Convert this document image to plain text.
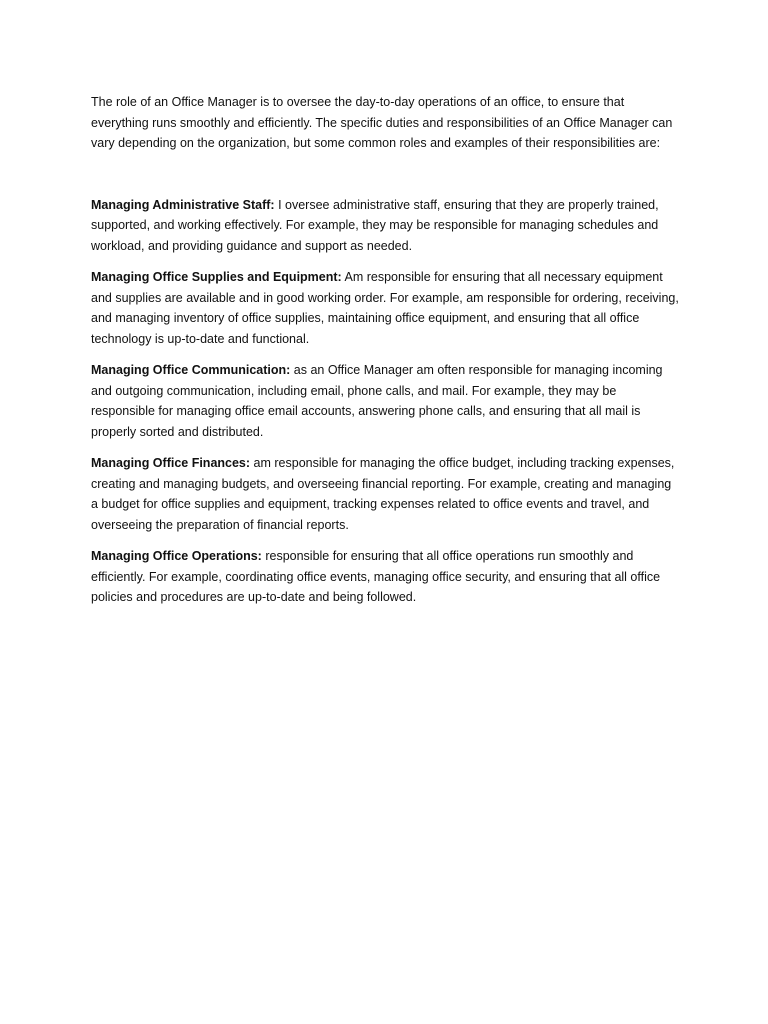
The role of an Office Manager is to oversee the day-to-day operations of an office, to ensure that everything runs smoothly and efficiently. The specific duties and responsibilities of an Office Manager can vary depending on the organization, but some common roles and examples of their responsibilities are:

Managing Administrative Staff: I oversee administrative staff, ensuring that they are properly trained, supported, and working effectively. For example, they may be responsible for managing schedules and workload, and providing guidance and support as needed.

Managing Office Supplies and Equipment: Am responsible for ensuring that all necessary equipment and supplies are available and in good working order. For example, am responsible for ordering, receiving, and managing inventory of office supplies, maintaining office equipment, and ensuring that all office technology is up-to-date and functional.

Managing Office Communication: as an Office Manager am often responsible for managing incoming and outgoing communication, including email, phone calls, and mail. For example, they may be responsible for managing office email accounts, answering phone calls, and ensuring that all mail is properly sorted and distributed.

Managing Office Finances: am responsible for managing the office budget, including tracking expenses, creating and managing budgets, and overseeing financial reporting. For example, creating and managing a budget for office supplies and equipment, tracking expenses related to office events and travel, and overseeing the preparation of financial reports.

Managing Office Operations: responsible for ensuring that all office operations run smoothly and efficiently. For example, coordinating office events, managing office security, and ensuring that all office policies and procedures are up-to-date and being followed.
